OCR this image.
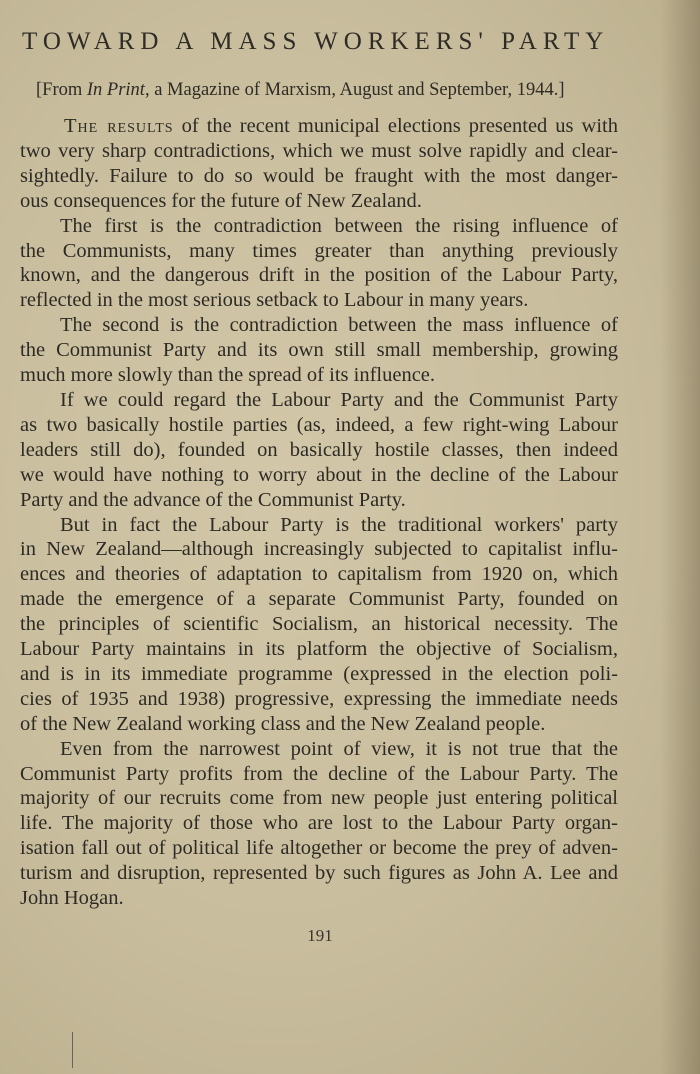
TOWARD A MASS WORKERS' PARTY
[From In Print, a Magazine of Marxism, August and September, 1944.]
The results of the recent municipal elections presented us with
two very sharp contradictions, which we must solve rapidly and clear-
sightedly. Failure to do so would be fraught with the most danger-
ous consequences for the future of New Zealand.
The first is the contradiction between the rising influence of
the Communists, many times greater than anything previously
known, and the dangerous drift in the position of the Labour Party,
reflected in the most serious setback to Labour in many years.
The second is the contradiction between the mass influence of
the Communist Party and its own still small membership, growing
much more slowly than the spread of its influence.
If we could regard the Labour Party and the Communist Party
as two basically hostile parties (as, indeed, a few right-wing Labour
leaders still do), founded on basically hostile classes, then indeed
we would have nothing to worry about in the decline of the Labour
Party and the advance of the Communist Party.
But in fact the Labour Party is the traditional workers' party
in New Zealand—although increasingly subjected to capitalist influ-
ences and theories of adaptation to capitalism from 1920 on, which
made the emergence of a separate Communist Party, founded on
the principles of scientific Socialism, an historical necessity. The
Labour Party maintains in its platform the objective of Socialism,
and is in its immediate programme (expressed in the election poli-
cies of 1935 and 1938) progressive, expressing the immediate needs
of the New Zealand working class and the New Zealand people.
Even from the narrowest point of view, it is not true that the
Communist Party profits from the decline of the Labour Party. The
majority of our recruits come from new people just entering political
life. The majority of those who are lost to the Labour Party organ-
isation fall out of political life altogether or become the prey of adven-
turism and disruption, represented by such figures as John A. Lee and
John Hogan.
191
